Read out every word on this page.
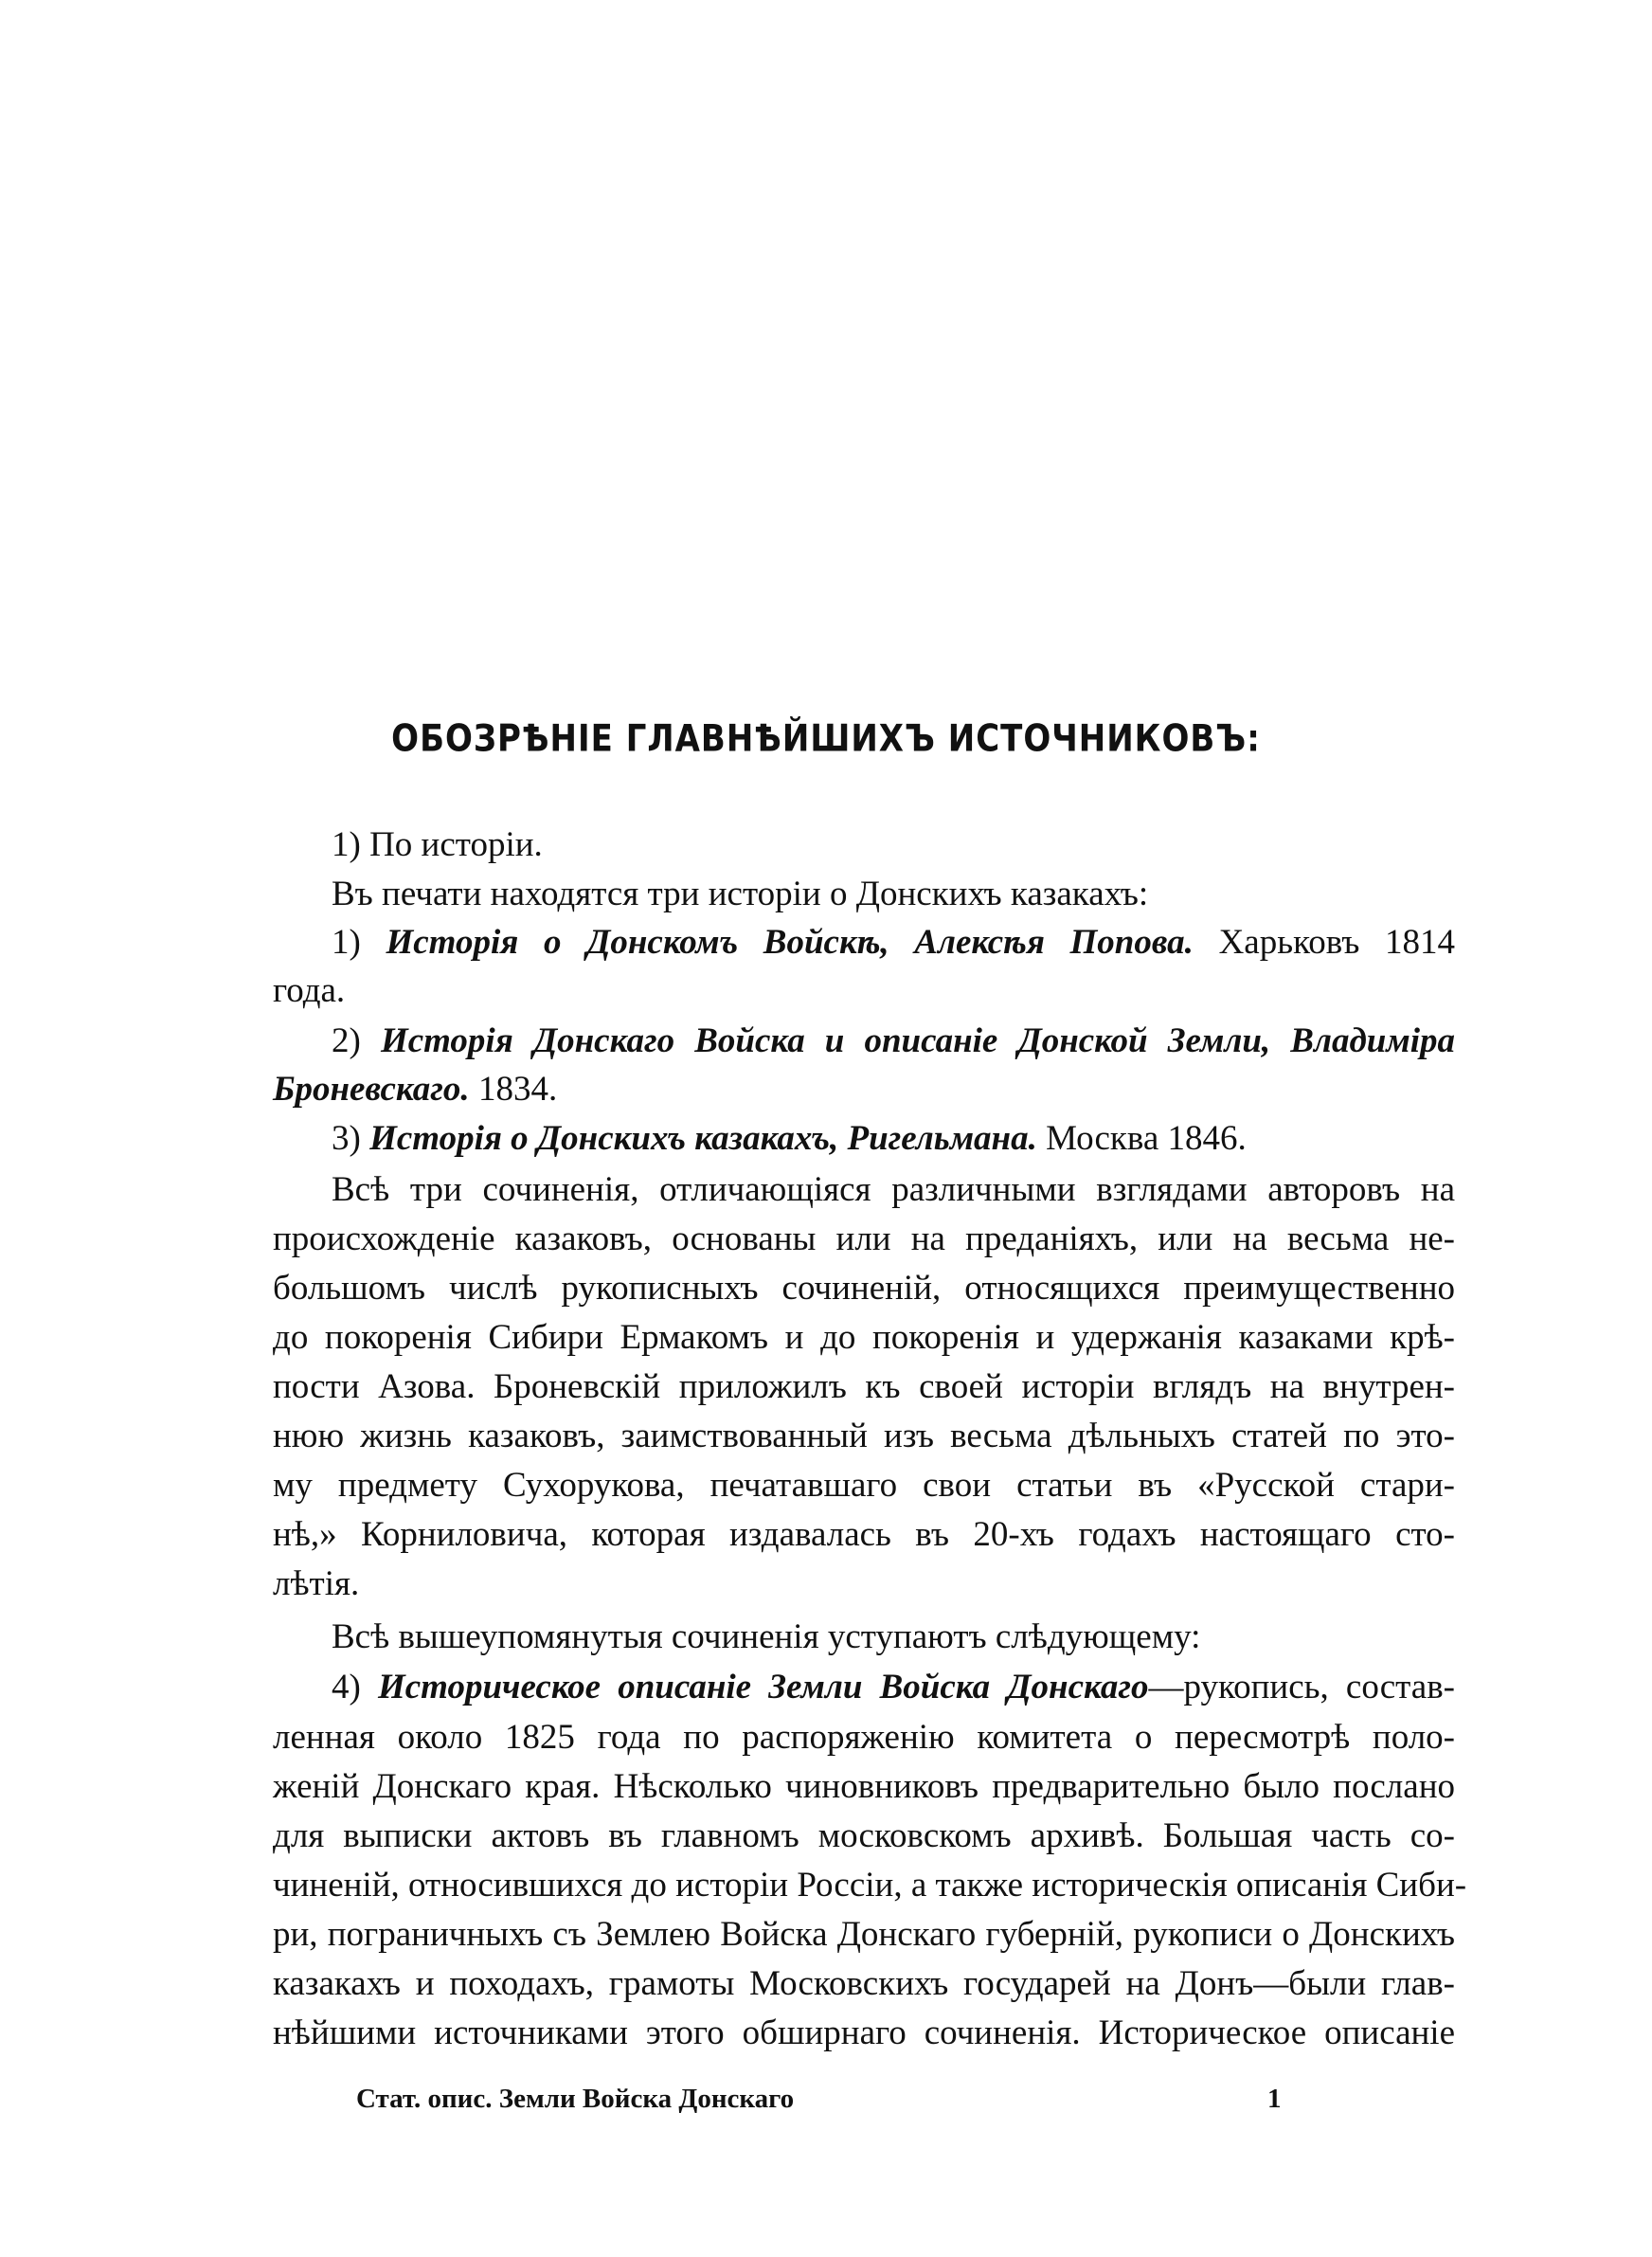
ОБОЗРѢНІЕ ГЛАВНѢЙШИХЪ ИСТОЧНИКОВЪ:
1) По исторіи.
Въ печати находятся три исторіи о Донскихъ казакахъ:
1) Исторія о Донскомъ Войскѣ, Алексѣя Попова. Харьковъ 1814
года.
2) Исторія Донскаго Войска и описаніе Донской Земли, Владиміра
Броневскаго. 1834.
3) Исторія о Донскихъ казакахъ, Ригельмана. Москва 1846.
Всѣ три сочиненія, отличающіяся различными взглядами авторовъ на
происхожденіе казаковъ, основаны или на преданіяхъ, или на весьма не-
большомъ числѣ рукописныхъ сочиненій, относящихся преимущественно
до покоренія Сибири Ермакомъ и до покоренія и удержанія казаками крѣ-
пости Азова. Броневскій приложилъ къ своей исторіи вглядъ на внутрен-
нюю жизнь казаковъ, заимствованный изъ весьма дѣльныхъ статей по это-
му предмету Сухорукова, печатавшаго свои статьи въ «Русской стари-
нѣ,» Корниловича, которая издавалась въ 20-хъ годахъ настоящаго сто-
лѣтія.
Всѣ вышеупомянутыя сочиненія уступаютъ слѣдующему:
4) Историческое описаніе Земли Войска Донскаго—рукопись, состав-
ленная около 1825 года по распоряженію комитета о пересмотрѣ поло-
женій Донскаго края. Нѣсколько чиновниковъ предварительно было послано
для выписки актовъ въ главномъ московскомъ архивѣ. Большая часть со-
чиненій, относившихся до исторіи Россіи, а также историческія описанія Сиби-
ри, пограничныхъ съ Землею Войска Донскаго губерній, рукописи о Донскихъ
казакахъ и походахъ, грамоты Московскихъ государей на Донъ—были глав-
нѣйшими источниками этого обширнаго сочиненія. Историческое описаніе
Стат. опис. Земли Войска Донскаго	1
